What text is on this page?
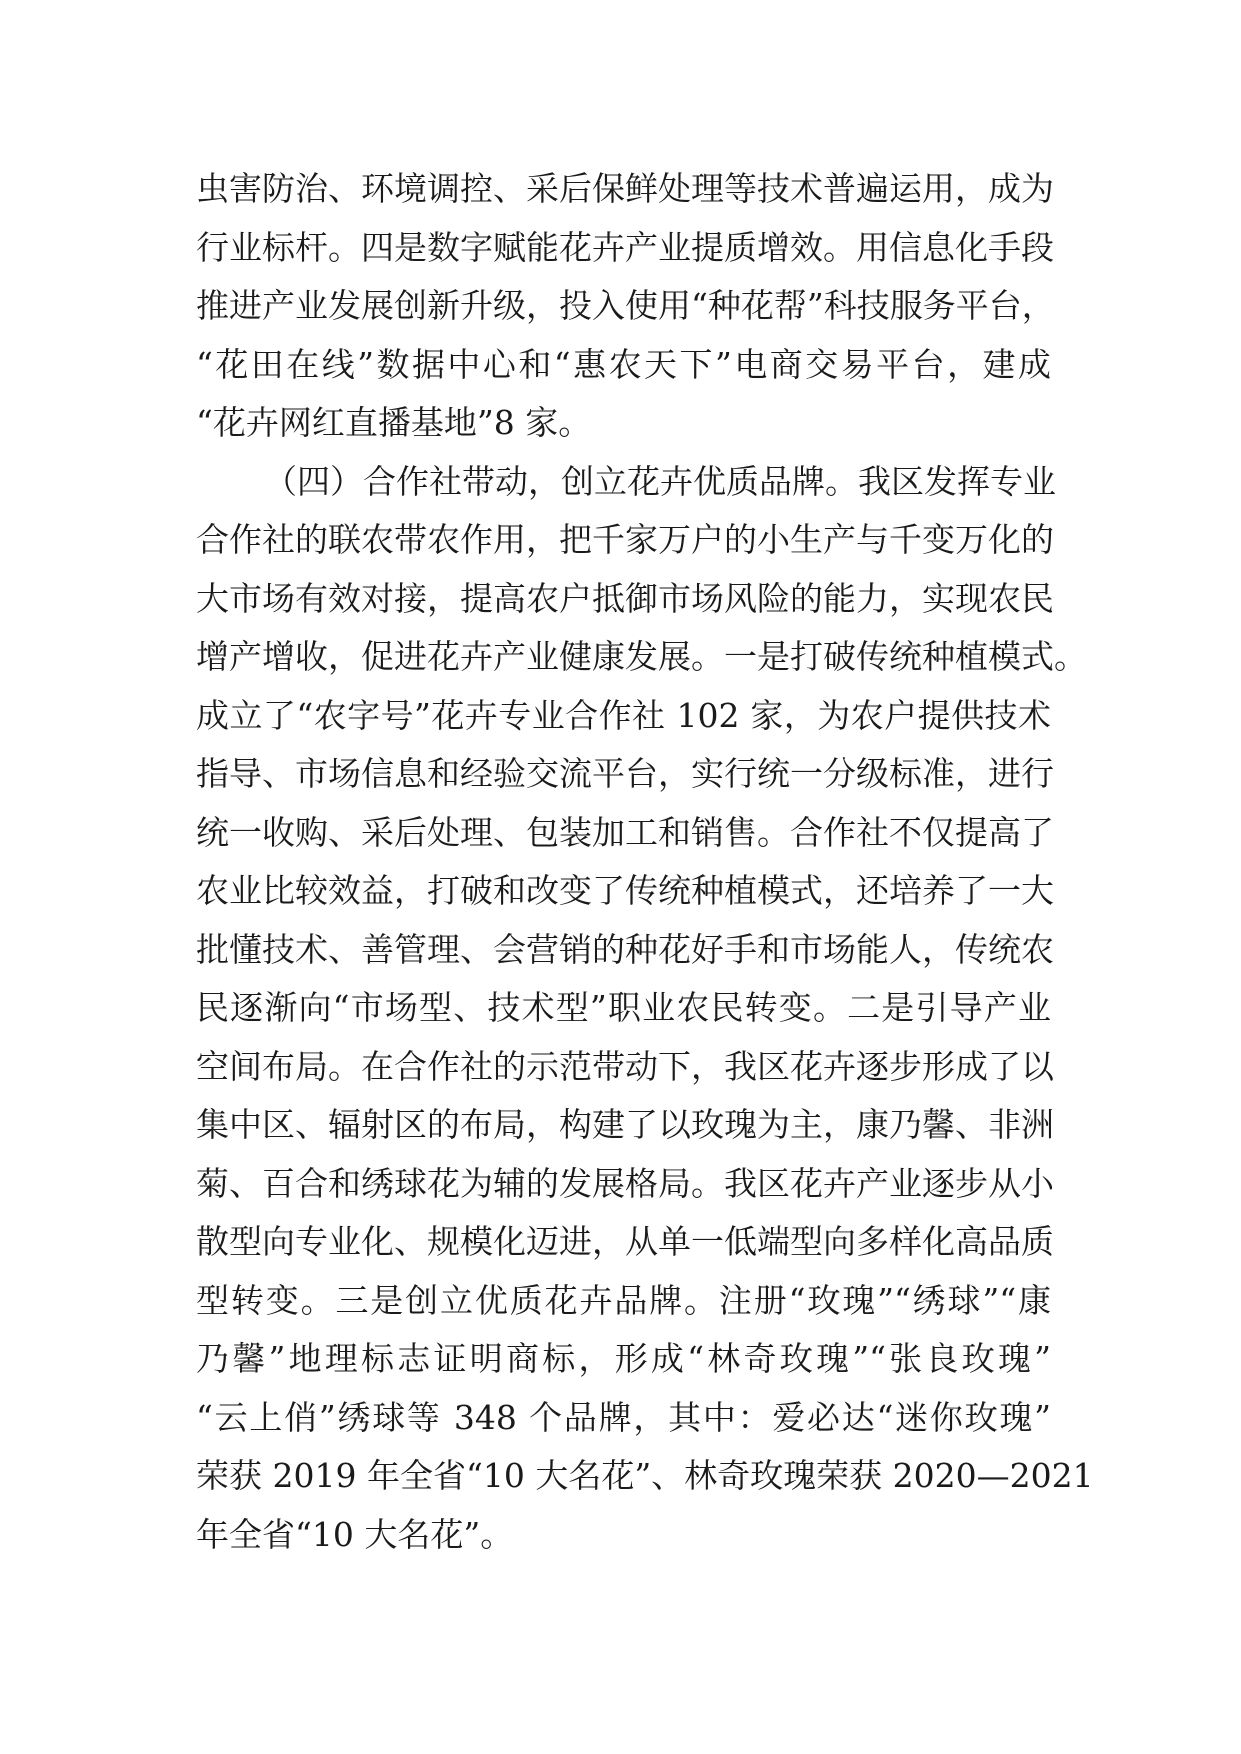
虫害防治、环境调控、采后保鲜处理等技术普遍运用，成为
行业标杆。四是数字赋能花卉产业提质增效。用信息化手段
推进产业发展创新升级，投入使用“种花帮”科技服务平台，
“花田在线”数据中心和“惠农天下”电商交易平台，建成
“花卉网红直播基地”8 家。
（四）合作社带动，创立花卉优质品牌。我区发挥专业
合作社的联农带农作用，把千家万户的小生产与千变万化的
大市场有效对接，提高农户抵御市场风险的能力，实现农民
增产增收，促进花卉产业健康发展。一是打破传统种植模式。
成立了“农字号”花卉专业合作社 102 家，为农户提供技术
指导、市场信息和经验交流平台，实行统一分级标准，进行
统一收购、采后处理、包装加工和销售。合作社不仅提高了
农业比较效益，打破和改变了传统种植模式，还培养了一大
批懂技术、善管理、会营销的种花好手和市场能人，传统农
民逐渐向“市场型、技术型”职业农民转变。二是引导产业
空间布局。在合作社的示范带动下，我区花卉逐步形成了以
集中区、辐射区的布局，构建了以玫瑰为主，康乃馨、非洲
菊、百合和绣球花为辅的发展格局。我区花卉产业逐步从小
散型向专业化、规模化迈进，从单一低端型向多样化高品质
型转变。三是创立优质花卉品牌。注册“玫瑰”“绣球”“康
乃馨”地理标志证明商标，形成“林奇玫瑰”“张良玫瑰”
“云上俏”绣球等 348 个品牌，其中：爱必达“迷你玫瑰”
荣获 2019 年全省“10 大名花”、林奇玫瑰荣获 2020—2021
年全省“10 大名花”。
